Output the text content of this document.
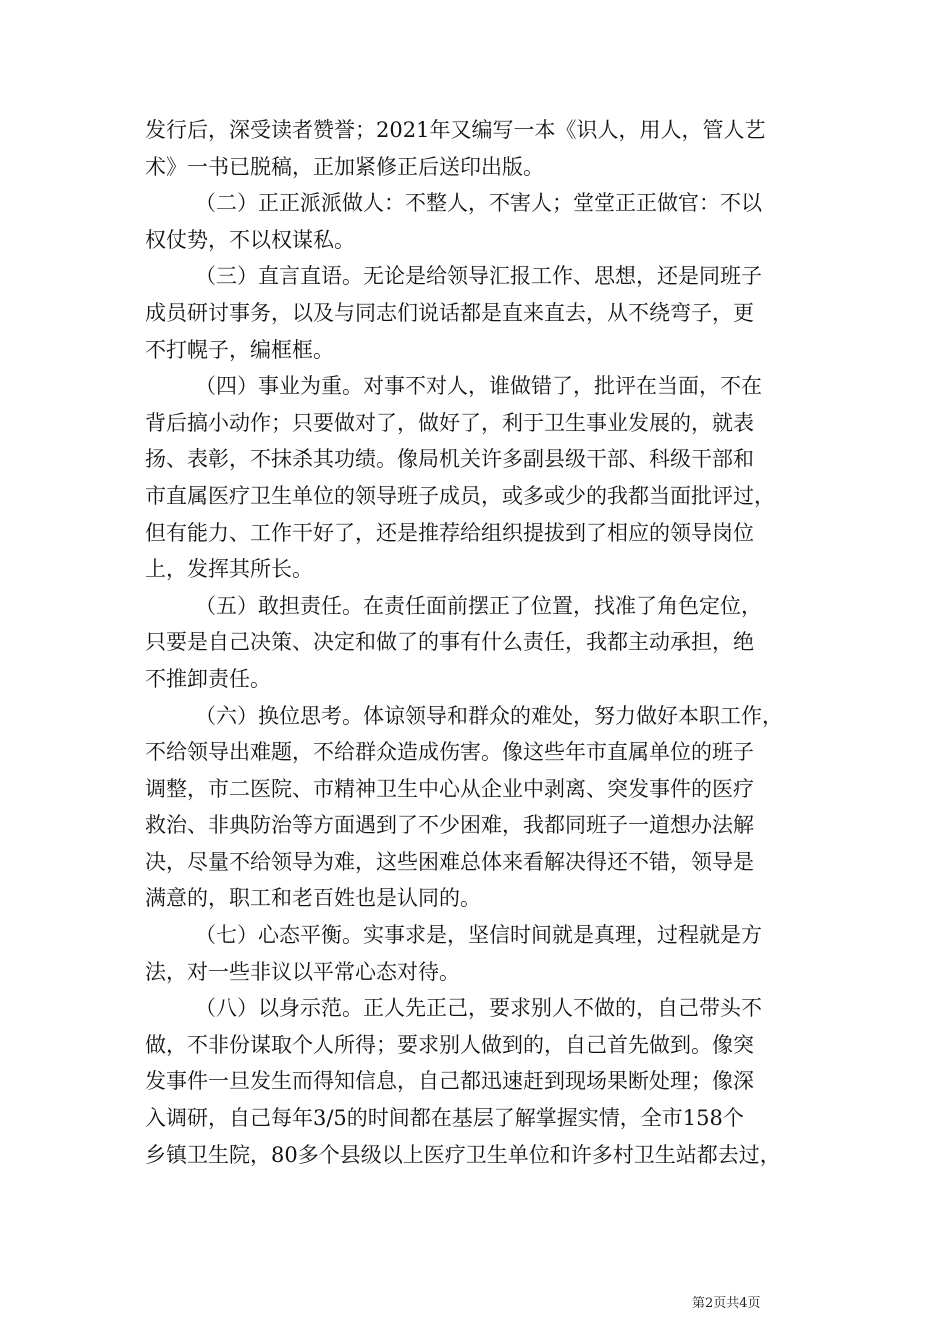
发行后，深受读者赞誉；2021年又编写一本《识人，用人，管人艺
术》一书已脱稿，正加紧修正后送印出版。
（二）正正派派做人：不整人，不害人；堂堂正正做官：不以
权仗势，不以权谋私。
（三）直言直语。无论是给领导汇报工作、思想，还是同班子
成员研讨事务，以及与同志们说话都是直来直去，从不绕弯子，更
不打幌子，编框框。
（四）事业为重。对事不对人，谁做错了，批评在当面，不在
背后搞小动作；只要做对了，做好了，利于卫生事业发展的，就表
扬、表彰，不抹杀其功绩。像局机关许多副县级干部、科级干部和
市直属医疗卫生单位的领导班子成员，或多或少的我都当面批评过，
但有能力、工作干好了，还是推荐给组织提拔到了相应的领导岗位
上，发挥其所长。
（五）敢担责任。在责任面前摆正了位置，找准了角色定位，
只要是自己决策、决定和做了的事有什么责任，我都主动承担，绝
不推卸责任。
（六）换位思考。体谅领导和群众的难处，努力做好本职工作，
不给领导出难题，不给群众造成伤害。像这些年市直属单位的班子
调整，市二医院、市精神卫生中心从企业中剥离、突发事件的医疗
救治、非典防治等方面遇到了不少困难，我都同班子一道想办法解
决，尽量不给领导为难，这些困难总体来看解决得还不错，领导是
满意的，职工和老百姓也是认同的。
（七）心态平衡。实事求是，坚信时间就是真理，过程就是方
法，对一些非议以平常心态对待。
（八）以身示范。正人先正己，要求别人不做的，自己带头不
做，不非份谋取个人所得；要求别人做到的，自己首先做到。像突
发事件一旦发生而得知信息，自己都迅速赶到现场果断处理；像深
入调研，自己每年3/5的时间都在基层了解掌握实情，全市158个
乡镇卫生院，80多个县级以上医疗卫生单位和许多村卫生站都去过，
第2页共4页
